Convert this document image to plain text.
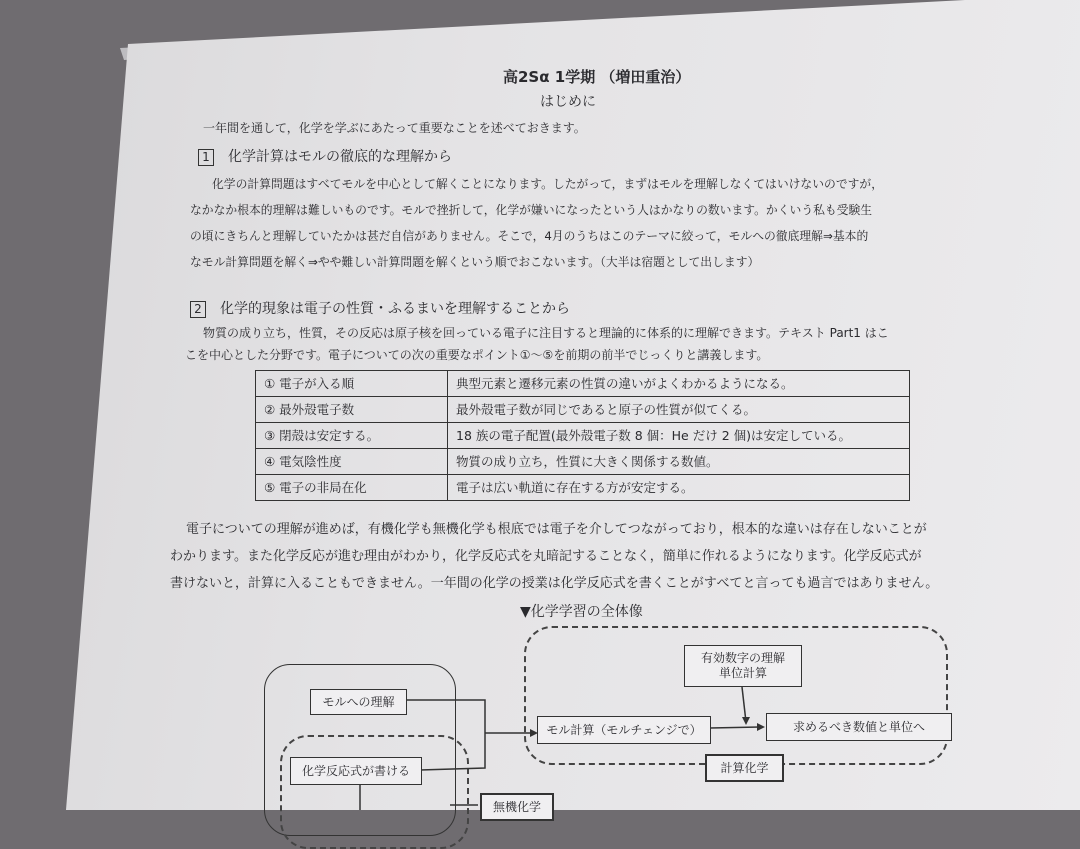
高2Sα 1学期 （増田重治）
はじめに
一年間を通して，化学を学ぶにあたって重要なことを述べておきます。
1 化学計算はモルの徹底的な理解から
化学の計算問題はすべてモルを中心として解くことになります。したがって，まずはモルを理解しなくてはいけないのですが，
なかなか根本的理解は難しいものです。モルで挫折して，化学が嫌いになったという人はかなりの数います。かくいう私も受験生
の頃にきちんと理解していたかは甚だ自信がありません。そこで，4月のうちはこのテーマに絞って，モルへの徹底理解⇒基本的
なモル計算問題を解く⇒やや難しい計算問題を解くという順でおこないます。（大半は宿題として出します）
2 化学的現象は電子の性質・ふるまいを理解することから
物質の成り立ち，性質，その反応は原子核を回っている電子に注目すると理論的に体系的に理解できます。テキスト Part1 はこ
こを中心とした分野です。電子についての次の重要なポイント①～⑤を前期の前半でじっくりと講義します。
① 電子が入る順	典型元素と遷移元素の性質の違いがよくわかるようになる。
② 最外殻電子数	最外殻電子数が同じであると原子の性質が似てくる。
③ 閉殻は安定する。	18 族の電子配置(最外殻電子数 8 個：He だけ 2 個)は安定している。
④ 電気陰性度	物質の成り立ち，性質に大きく関係する数値。
⑤ 電子の非局在化	電子は広い軌道に存在する方が安定する。
電子についての理解が進めば，有機化学も無機化学も根底では電子を介してつながっており，根本的な違いは存在しないことが
わかります。また化学反応が進む理由がわかり，化学反応式を丸暗記することなく，簡単に作れるようになります。化学反応式が
書けないと，計算に入ることもできません。一年間の化学の授業は化学反応式を書くことがすべてと言っても過言ではありません。
▼化学学習の全体像
モルへの理解
化学反応式が書ける
無機化学
有効数字の理解
単位計算
モル計算（モルチェンジで）	求めるべき数値と単位へ
計算化学
